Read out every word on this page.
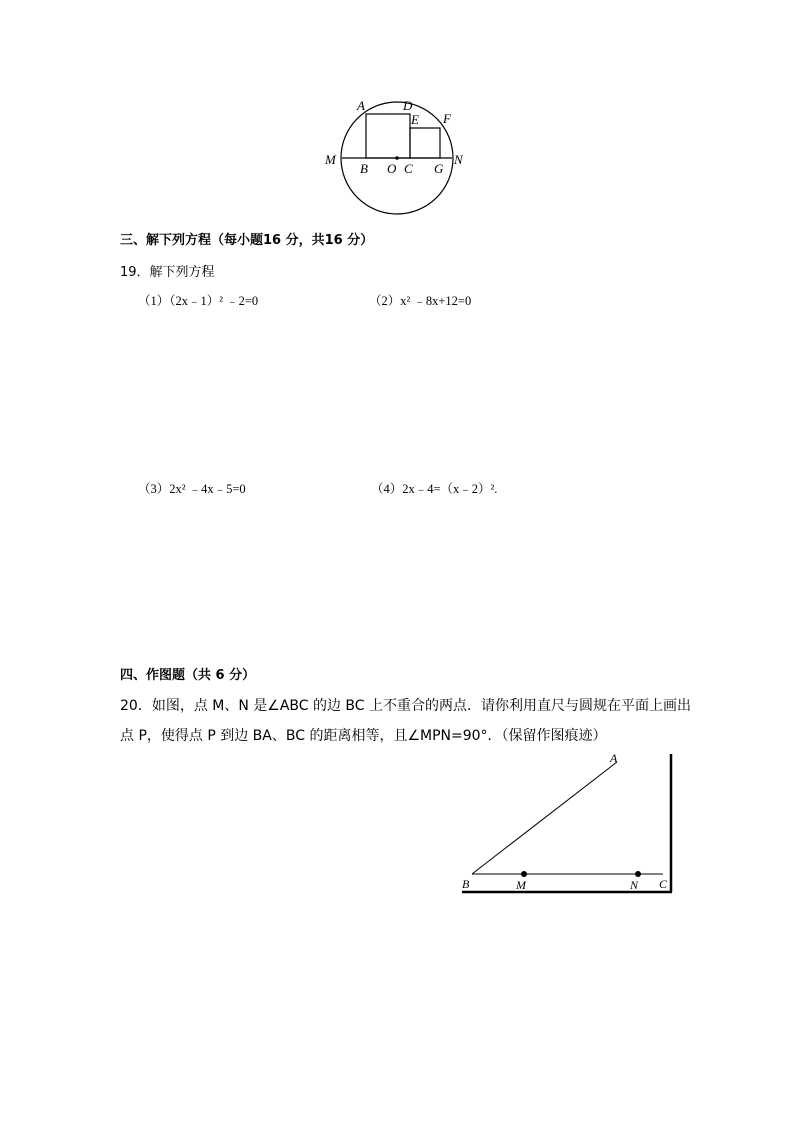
A	D
E F
M
B O C G
N
三、解下列方程（每小题16 分，共16 分）
19．解下列方程
（1）（2x﹣1）² ﹣2=0	（2）x² ﹣8x+12=0
（3）2x² ﹣4x﹣5=0	（4）2x﹣4=（x﹣2）².
四、作图题（共 6 分）
20．如图，点 M、N 是∠ABC 的边 BC 上不重合的两点．请你利用直尺与圆规在平面上画出
点 P，使得点 P 到边 BA、BC 的距离相等，且∠MPN=90°．（保留作图痕迹）
A
B	M	N C
